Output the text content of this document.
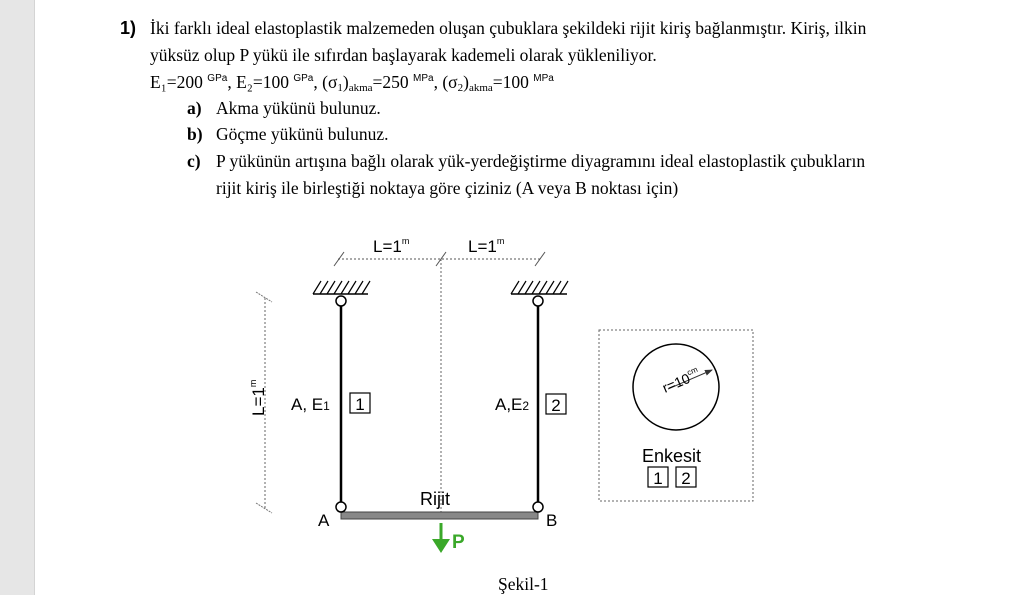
1) İki farklı ideal elastoplastik malzemeden oluşan çubuklara şekildeki rijit kiriş bağlanmıştır. Kiriş, ilkin
yüksüz olup P yükü ile sıfırdan başlayarak kademeli olarak yükleniliyor.
E₁=200 $^{GPa}$, E₂=100 $^{GPa}$, $(\sigma_1)_{akma}=250$ $^{MPa}$, $(\sigma_2)_{akma}=100$ $^{MPa}$
a) Akma yükünü bulunuz.
b) Göçme yükünü bulunuz.
c) P yükünün artışına bağlı olarak yük-yerdeğiştirme diyagramını ideal elastoplastik çubukların
rijit kiriş ile birleştiği noktaya göre çiziniz (A veya B noktası için)
$L=1^m$	$L=1^m$
$L=1^m$
A, E1 1	A,E2 2
Rijit
A	B
P
$r=10^{cm}$
Enkesit
1 2
Şekil-1
